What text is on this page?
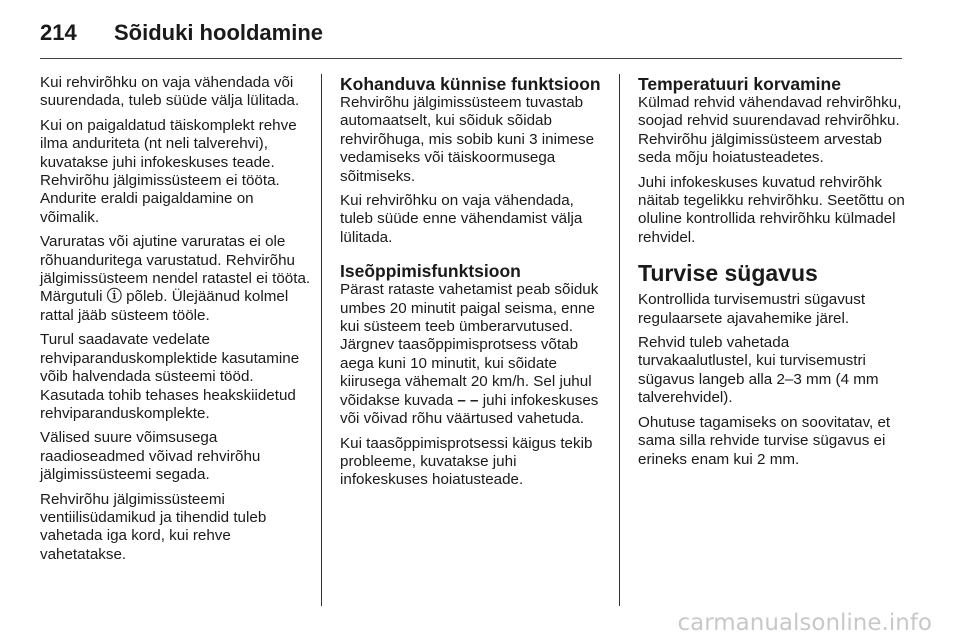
214	Sõiduki hooldamine

Kui rehvirõhku on vaja vähendada või suurendada, tuleb süüde välja lülitada.

Kui on paigaldatud täiskomplekt rehve ilma anduriteta (nt neli talverehvi), kuvatakse juhi infokeskuses teade. Rehvirõhu jälgimissüsteem ei tööta. Andurite eraldi paigaldamine on võimalik.

Varuratas või ajutine varuratas ei ole rõhuanduritega varustatud. Rehvirõhu jälgimissüsteem nendel ratastel ei tööta. Märgutuli ⓘ põleb. Ülejäänud kolmel rattal jääb süsteem tööle.

Turul saadavate vedelate rehviparanduskomplektide kasutamine võib halvendada süsteemi tööd. Kasutada tohib tehases heakskiidetud rehviparanduskomplekte.

Välised suure võimsusega raadioseadmed võivad rehvirõhu jälgimissüsteemi segada.

Rehvirõhu jälgimissüsteemi ventiilisüdamikud ja tihendid tuleb vahetada iga kord, kui rehve vahetatakse.

Kohanduva künnise funktsioon

Rehvirõhu jälgimissüsteem tuvastab automaatselt, kui sõiduk sõidab rehvirõhuga, mis sobib kuni 3 inimese vedamiseks või täiskoormusega sõitmiseks.

Kui rehvirõhku on vaja vähendada, tuleb süüde enne vähendamist välja lülitada.

Iseõppimisfunktsioon

Pärast rataste vahetamist peab sõiduk umbes 20 minutit paigal seisma, enne kui süsteem teeb ümberarvutused. Järgnev taasõppimisprotsess võtab aega kuni 10 minutit, kui sõidate kiirusega vähemalt 20 km/h. Sel juhul võidakse kuvada – – juhi infokeskuses või võivad rõhu väärtused vahetuda.

Kui taasõppimisprotsessi käigus tekib probleeme, kuvatakse juhi infokeskuses hoiatusteade.

Temperatuuri korvamine

Külmad rehvid vähendavad rehvirõhku, soojad rehvid suurendavad rehvirõhku. Rehvirõhu jälgimissüsteem arvestab seda mõju hoiatusteadetes.

Juhi infokeskuses kuvatud rehvirõhk näitab tegelikku rehvirõhku. Seetõttu on oluline kontrollida rehvirõhku külmadel rehvidel.

Turvise sügavus

Kontrollida turvisemustri sügavust regulaarsete ajavahemike järel.

Rehvid tuleb vahetada turvakaalutlustel, kui turvisemustri sügavus langeb alla 2–3 mm (4 mm talverehvidel).

Ohutuse tagamiseks on soovitatav, et sama silla rehvide turvise sügavus ei erineks enam kui 2 mm.

carmanualsonline.info
